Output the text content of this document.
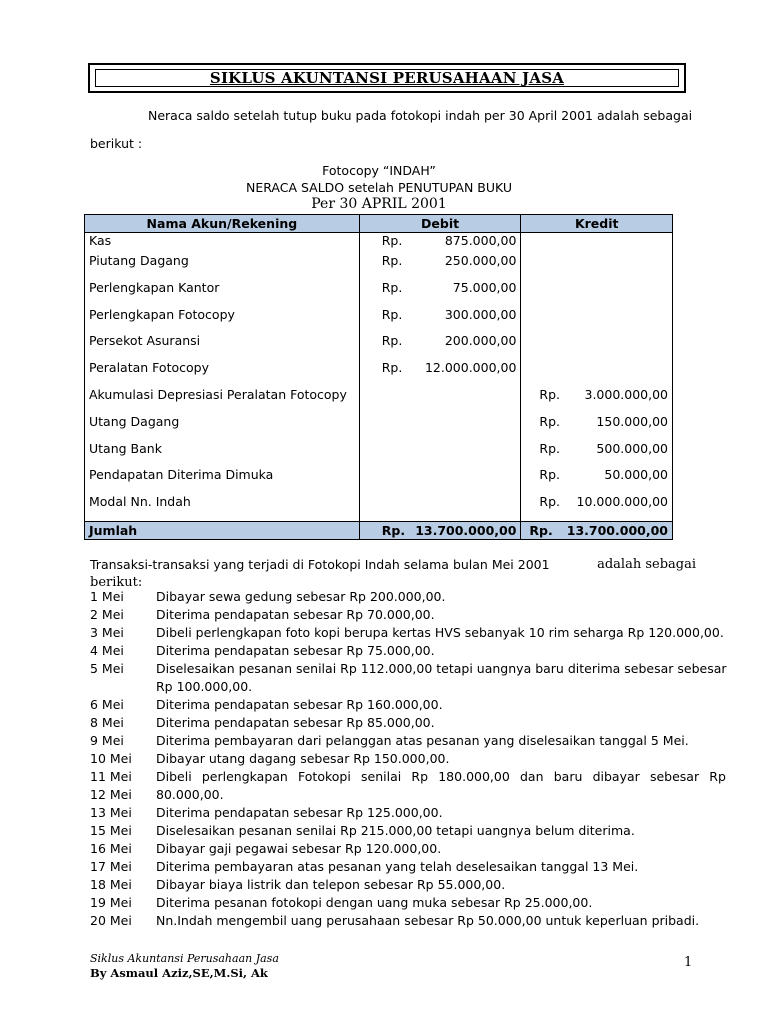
SIKLUS AKUNTANSI PERUSAHAAN JASA
Neraca saldo setelah tutup buku pada fotokopi indah per 30 April 2001 adalah sebagai
berikut :
Fotocopy “INDAH”
NERACA SALDO setelah PENUTUPAN BUKU
Per 30 APRIL 2001
Nama Akun/Rekening	Debit	Kredit
Kas	Rp. 875.000,00	

Piutang Dagang	Rp. 250.000,00	

Perlengkapan Kantor	Rp. 75.000,00	

Perlengkapan Fotocopy	Rp. 300.000,00	

Persekot Asuransi	Rp. 200.000,00	

Peralatan Fotocopy	Rp. 12.000.000,00	

Akumulasi Depresiasi Peralatan Fotocopy		Rp. 3.000.000,00

Utang Dagang		Rp. 150.000,00

Utang Bank		Rp. 500.000,00

Pendapatan Diterima Dimuka		Rp. 50.000,00

Modal Nn. Indah		Rp. 10.000.000,00

Jumlah	Rp. 13.700.000,00	Rp. 13.700.000,00
Transaksi-transaksi yang terjadi di Fotokopi Indah selama bulan Mei 2001	adalah sebagai
berikut:
1 Mei	Dibayar sewa gedung sebesar Rp 200.000,00.
2 Mei	Diterima pendapatan sebesar Rp 70.000,00.
3 Mei	Dibeli perlengkapan foto kopi berupa kertas HVS sebanyak 10 rim seharga Rp 120.000,00.
4 Mei	Diterima pendapatan sebesar Rp 75.000,00.
5 Mei	Diselesaikan pesanan senilai Rp 112.000,00 tetapi uangnya baru diterima sebesar sebesar
Rp 100.000,00.
6 Mei	Diterima pendapatan sebesar Rp 160.000,00.
8 Mei	Diterima pendapatan sebesar Rp 85.000,00.
9 Mei	Diterima pembayaran dari pelanggan atas pesanan yang diselesaikan tanggal 5 Mei.
10 Mei	Dibayar utang dagang sebesar Rp 150.000,00.
11 Mei	Dibeli perlengkapan Fotokopi senilai Rp 180.000,00 dan baru dibayar sebesar Rp
12 Mei	80.000,00.
13 Mei	Diterima pendapatan sebesar Rp 125.000,00.
15 Mei	Diselesaikan pesanan senilai Rp 215.000,00 tetapi uangnya belum diterima.
16 Mei	Dibayar gaji pegawai sebesar Rp 120.000,00.
17 Mei	Diterima pembayaran atas pesanan yang telah deselesaikan tanggal 13 Mei.
18 Mei	Dibayar biaya listrik dan telepon sebesar Rp 55.000,00.
19 Mei	Diterima pesanan fotokopi dengan uang muka sebesar Rp 25.000,00.
20 Mei	Nn.Indah mengembil uang perusahaan sebesar Rp 50.000,00 untuk keperluan pribadi.
Siklus Akuntansi Perusahaan Jasa
By Asmaul Aziz,SE,M.Si, Ak
1
